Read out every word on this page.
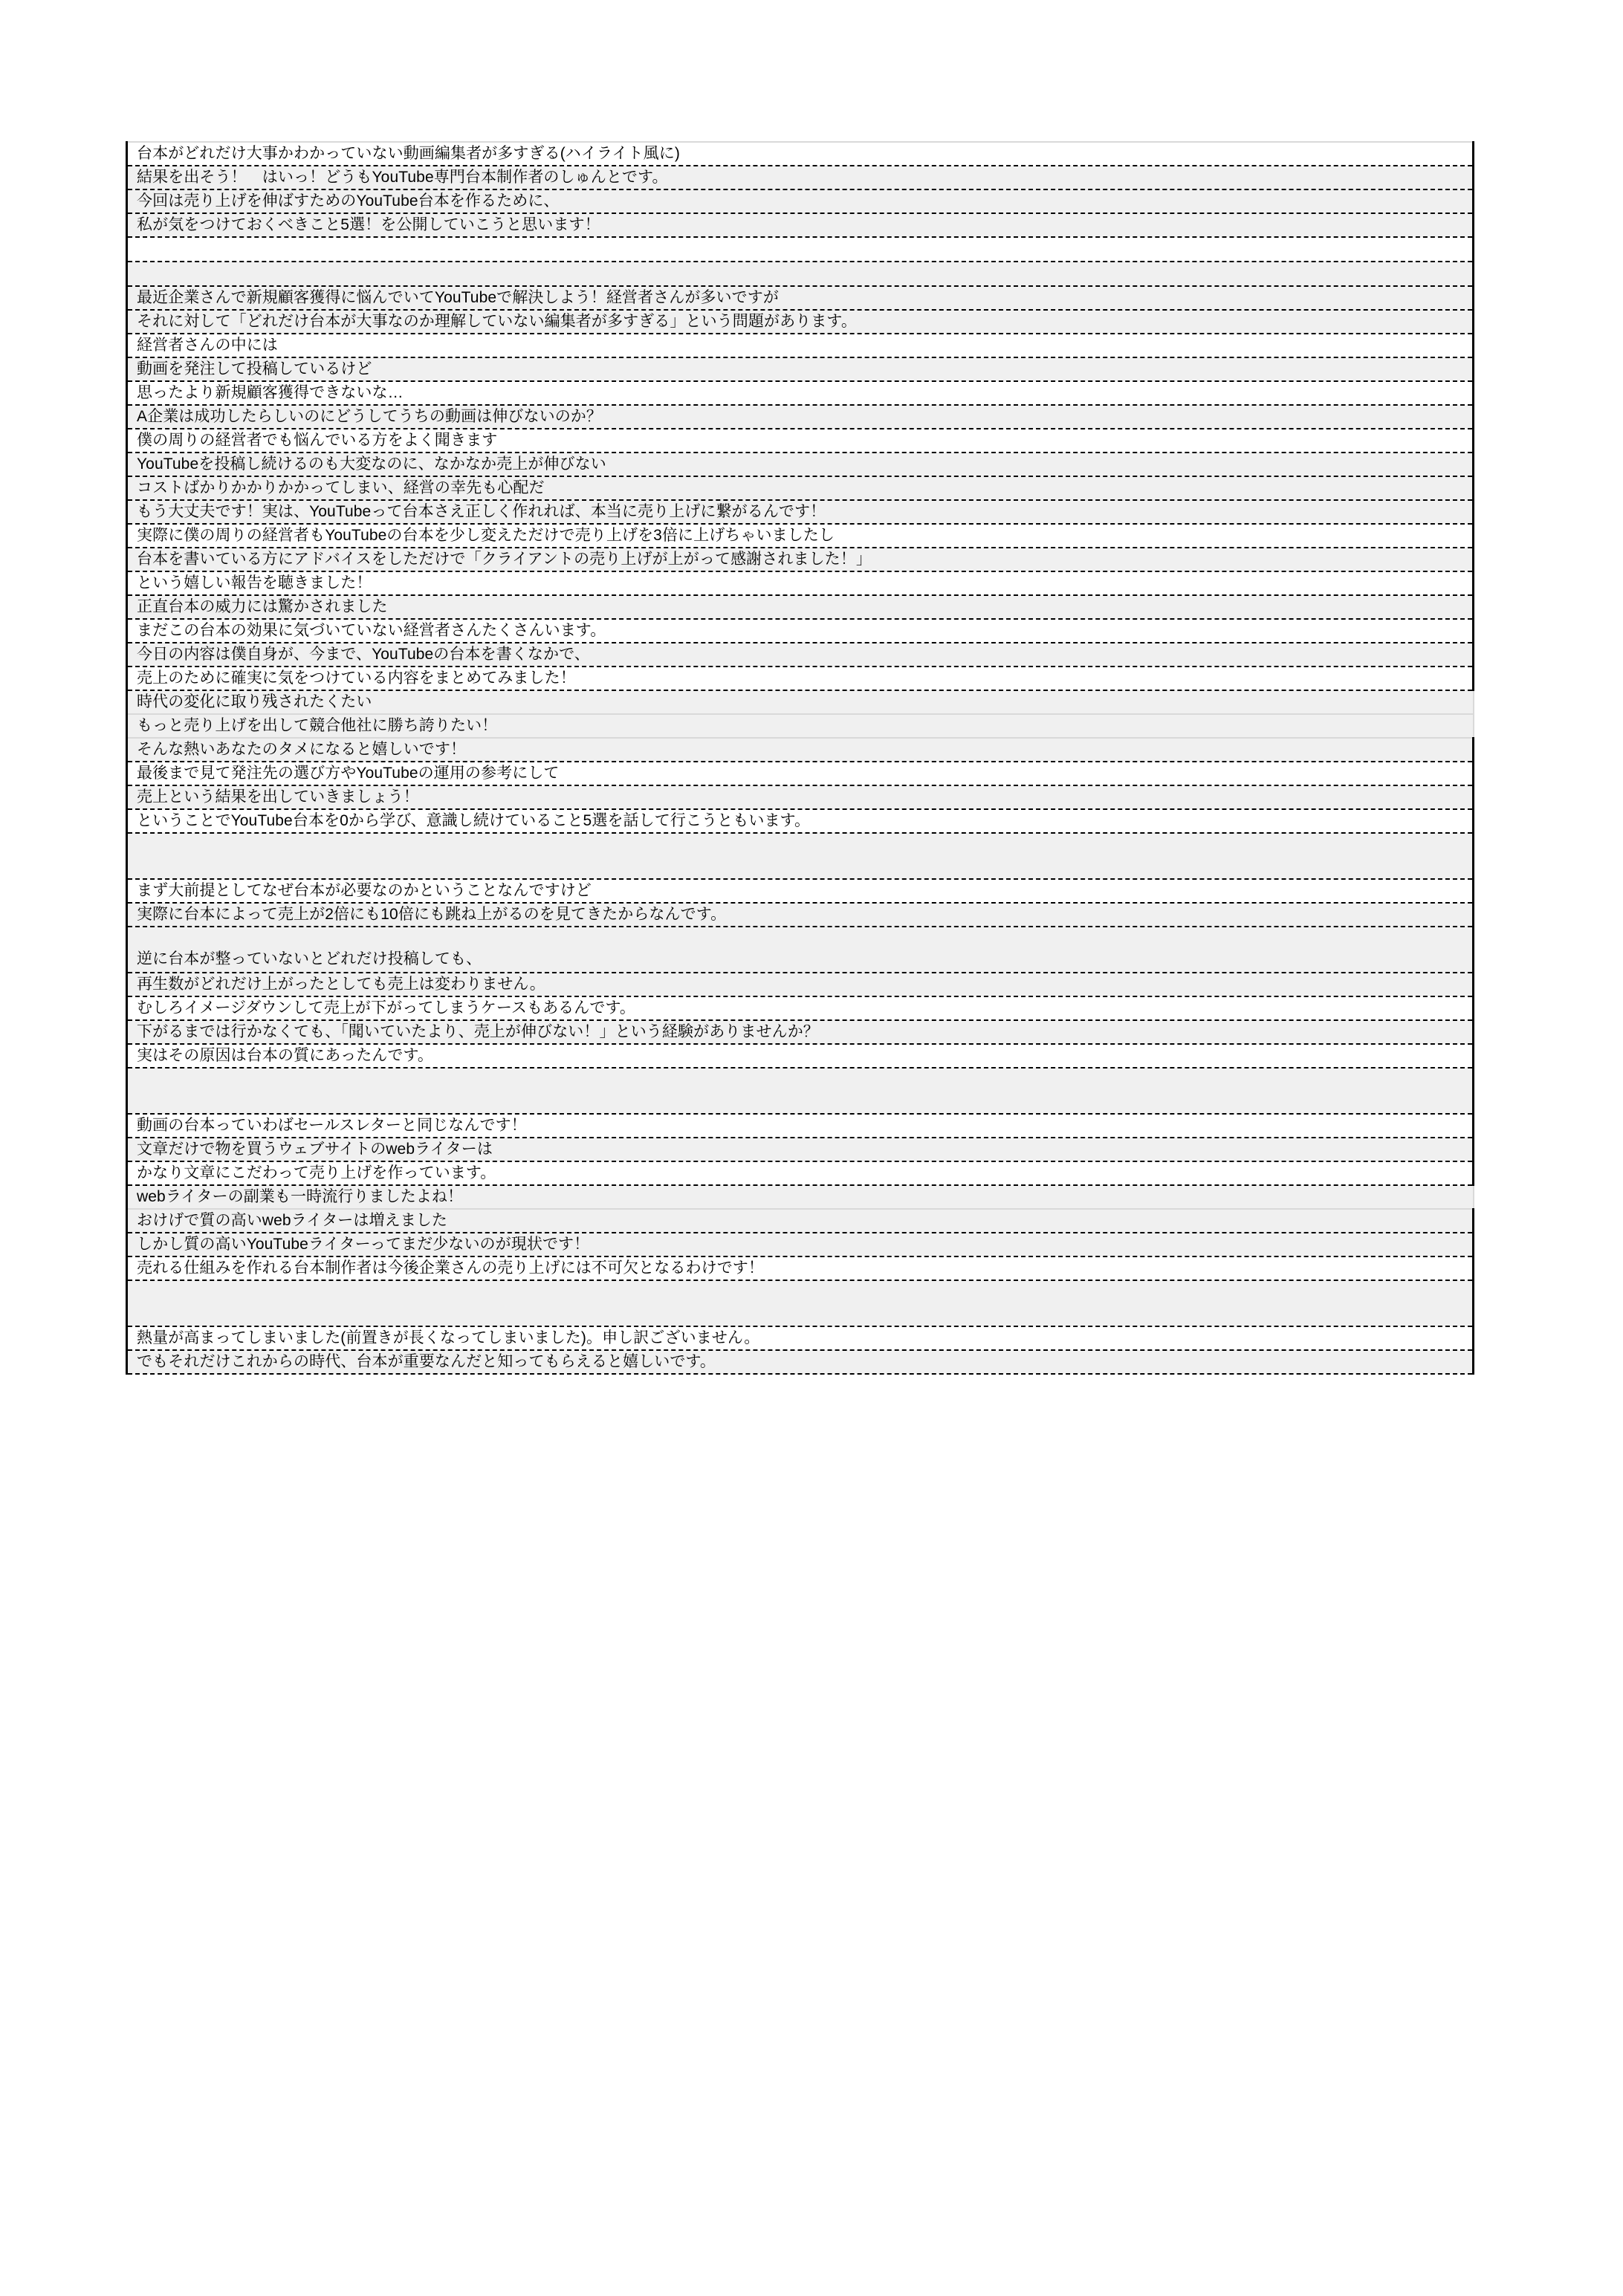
台本がどれだけ大事かわかっていない動画編集者が多すぎる(ハイライト風に)
結果を出そう！　はいっ！どうもYouTube専門台本制作者のしゅんとです。
今回は売り上げを伸ばすためのYouTube台本を作るために、
私が気をつけておくべきこと5選！を公開していこうと思います！

最近企業さんで新規顧客獲得に悩んでいてYouTubeで解決しよう！経営者さんが多いですが
それに対して「どれだけ台本が大事なのか理解していない編集者が多すぎる」という問題があります。
経営者さんの中には
動画を発注して投稿しているけど
思ったより新規顧客獲得できないな…
A企業は成功したらしいのにどうしてうちの動画は伸びないのか？
僕の周りの経営者でも悩んでいる方をよく聞きます
YouTubeを投稿し続けるのも大変なのに、なかなか売上が伸びない
コストばかりかかりかかってしまい、経営の幸先も心配だ
もう大丈夫です！実は、YouTubeって台本さえ正しく作れれば、本当に売り上げに繋がるんです！
実際に僕の周りの経営者もYouTubeの台本を少し変えただけで売り上げを3倍に上げちゃいましたし
台本を書いている方にアドバイスをしただけで「クライアントの売り上げが上がって感謝されました！」
という嬉しい報告を聴きました！
正直台本の威力には驚かされました
まだこの台本の効果に気づいていない経営者さんたくさんいます。
今日の内容は僕自身が、今まで、YouTubeの台本を書くなかで、
売上のために確実に気をつけている内容をまとめてみました！
時代の変化に取り残されたくたい
もっと売り上げを出して競合他社に勝ち誇りたい！
そんな熱いあなたのタメになると嬉しいです！
最後まで見て発注先の選び方やYouTubeの運用の参考にして
売上という結果を出していきましょう！
ということでYouTube台本を0から学び、意識し続けていること5選を話して行こうともいます。

まず大前提としてなぜ台本が必要なのかということなんですけど
実際に台本によって売上が2倍にも10倍にも跳ね上がるのを見てきたからなんです。
逆に台本が整っていないとどれだけ投稿しても、
再生数がどれだけ上がったとしても売上は変わりません。
むしろイメージダウンして売上が下がってしまうケースもあるんです。
下がるまでは行かなくても、「聞いていたより、売上が伸びない！」という経験がありませんか？
実はその原因は台本の質にあったんです。

動画の台本っていわばセールスレターと同じなんです！
文章だけで物を買うウェブサイトのwebライターは
かなり文章にこだわって売り上げを作っています。
webライターの副業も一時流行りましたよね！
おけげで質の高いwebライターは増えました
しかし質の高いYouTubeライターってまだ少ないのが現状です！
売れる仕組みを作れる台本制作者は今後企業さんの売り上げには不可欠となるわけです！

熱量が高まってしまいました(前置きが長くなってしまいました)。申し訳ございません。
でもそれだけこれからの時代、台本が重要なんだと知ってもらえると嬉しいです。
